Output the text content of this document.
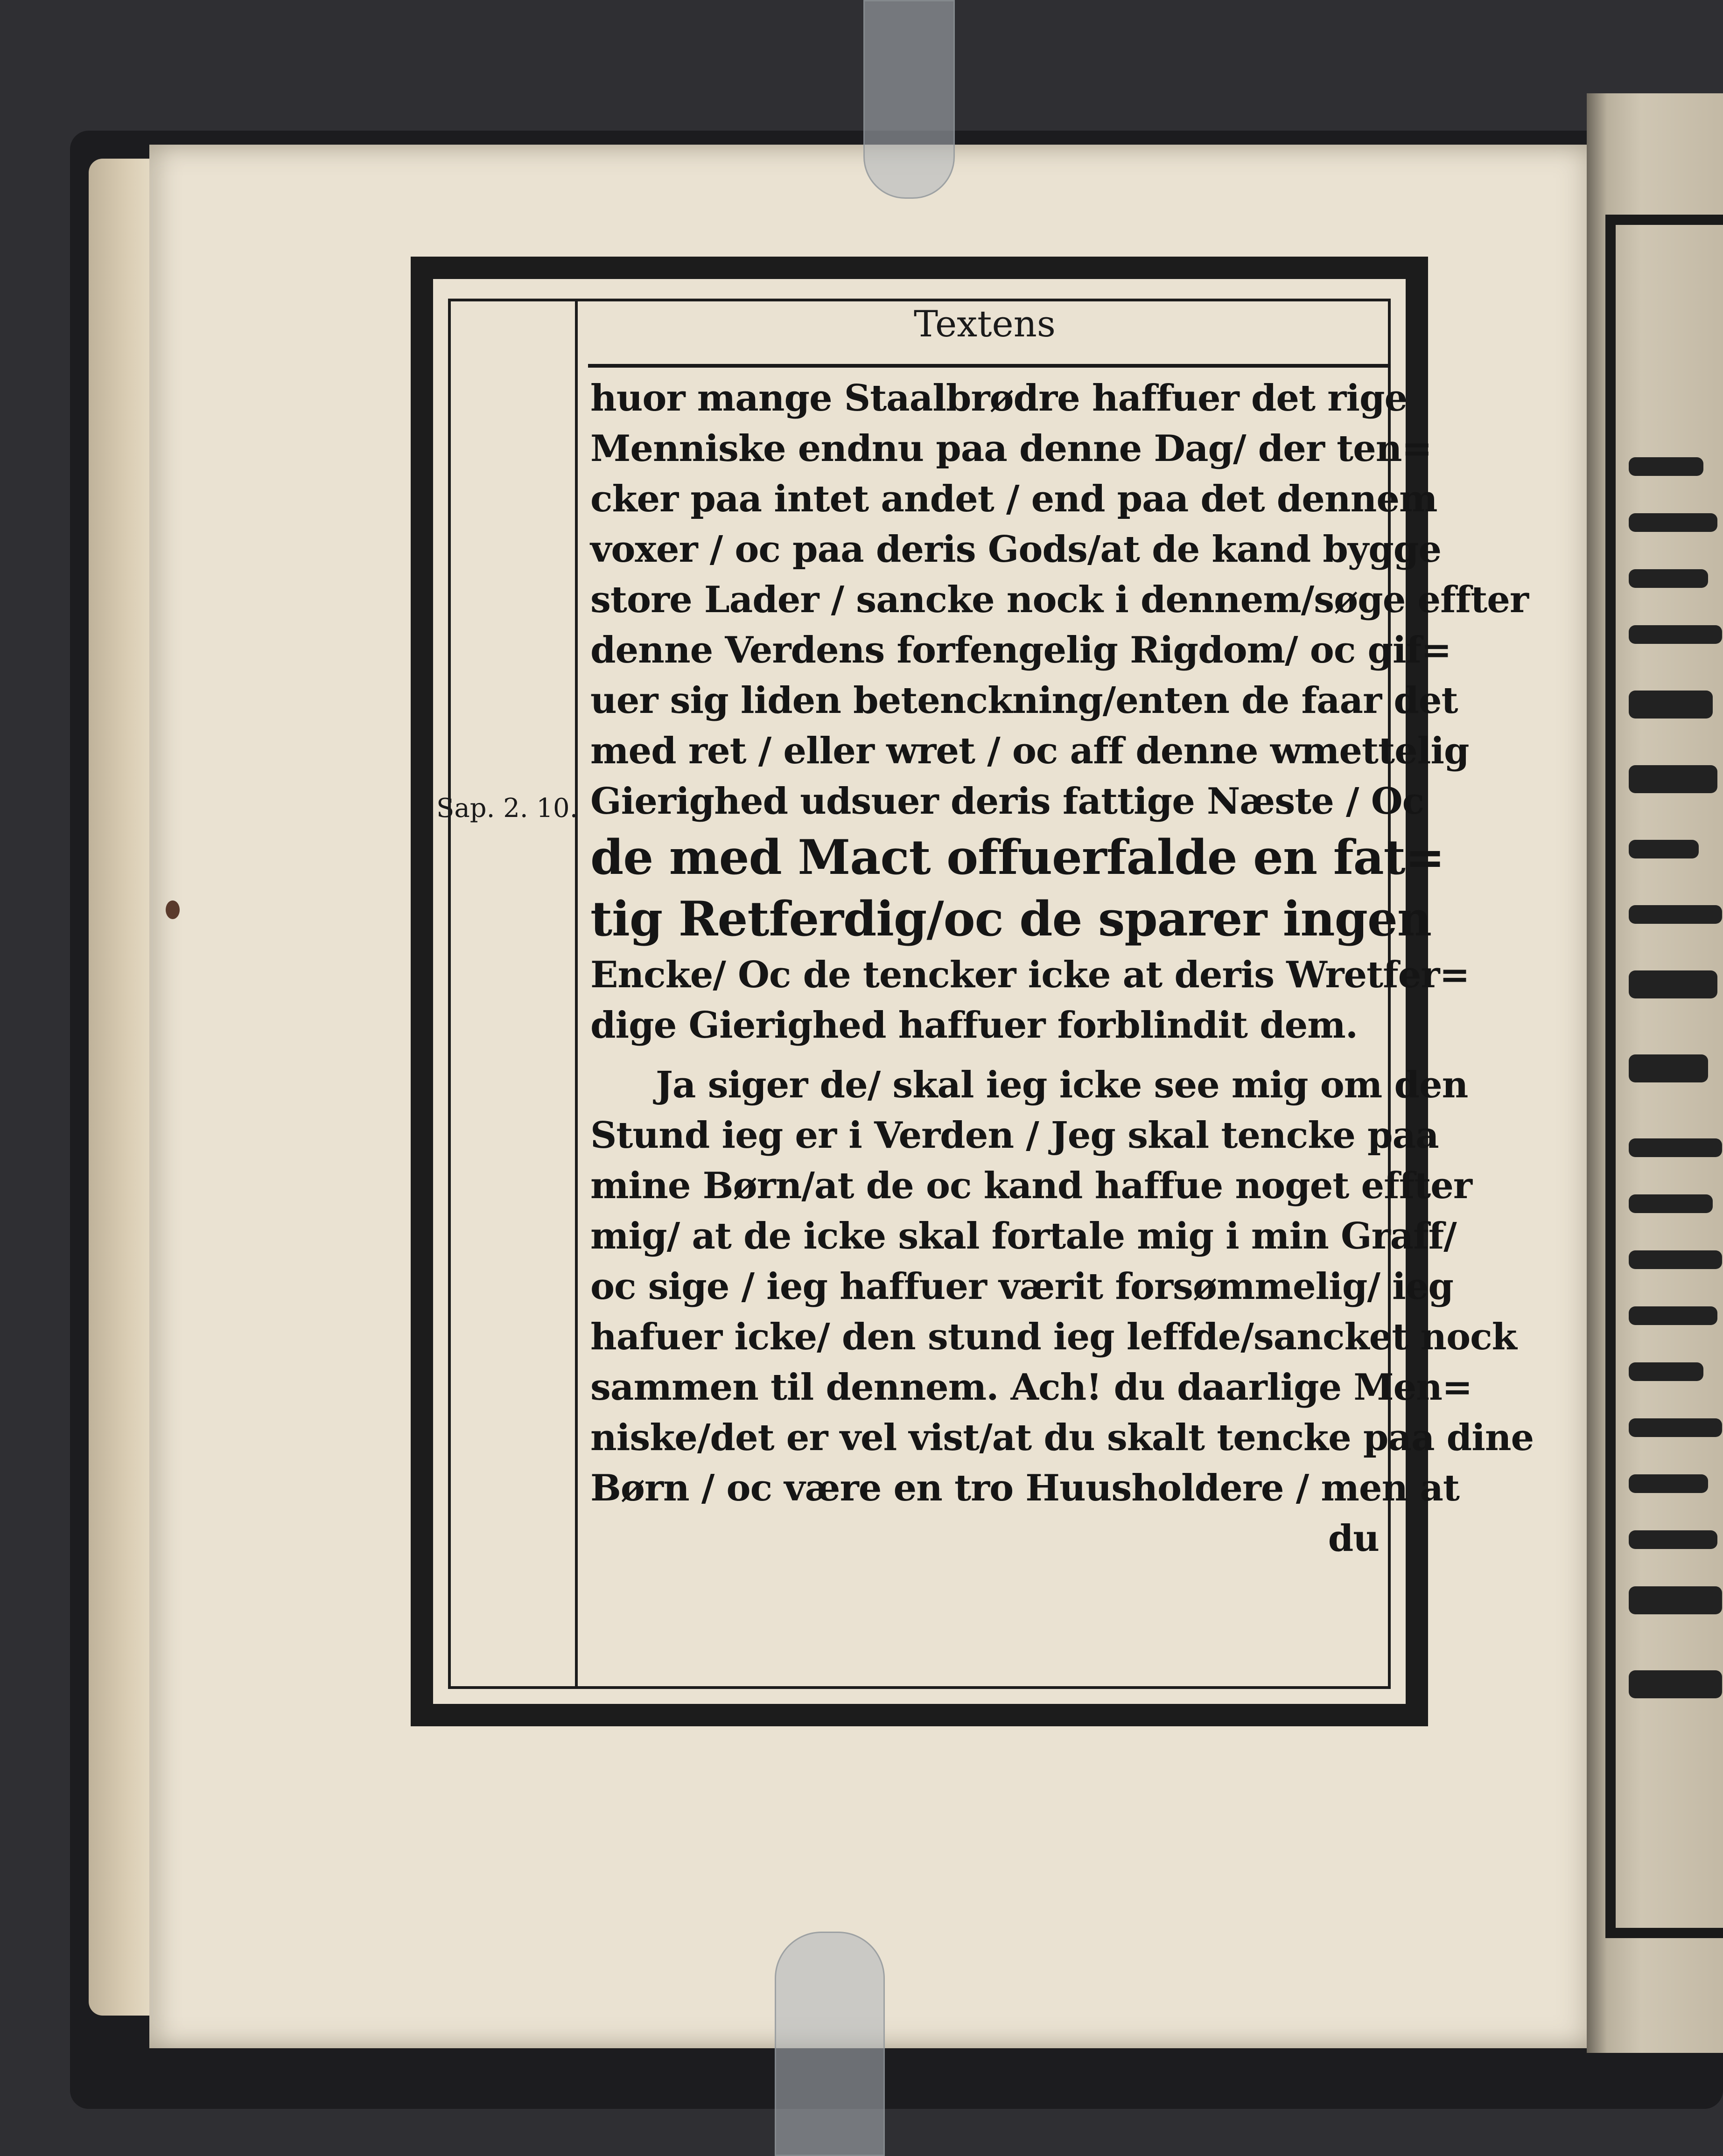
Textens
Sap. 2. 10.
huor mange Staalbrødre haffuer det rige
Menniske endnu paa denne Dag/ der ten=
cker paa intet andet / end paa det dennem
voxer / oc paa deris Gods/at de kand bygge
store Lader / sancke nock i dennem/søge effter
denne Verdens forfengelig Rigdom/ oc gif=
uer sig liden betenckning/enten de faar det
med ret / eller wret / oc aff denne wmettelig
Gierighed udsuer deris fattige Næste / Oc
de med Mact offuerfalde en fat=
tig Retferdig/oc de sparer ingen
Encke/ Oc de tencker icke at deris Wretfer=
dige Gierighed haffuer forblindit dem.
Ja siger de/ skal ieg icke see mig om den
Stund ieg er i Verden / Jeg skal tencke paa
mine Børn/at de oc kand haffue noget effter
mig/ at de icke skal fortale mig i min Graff/
oc sige / ieg haffuer værit forsømmelig/ ieg
hafuer icke/ den stund ieg leffde/sancket nock
sammen til dennem. Ach! du daarlige Men=
niske/det er vel vist/at du skalt tencke paa dine
Børn / oc være en tro Huusholdere / men at
du
